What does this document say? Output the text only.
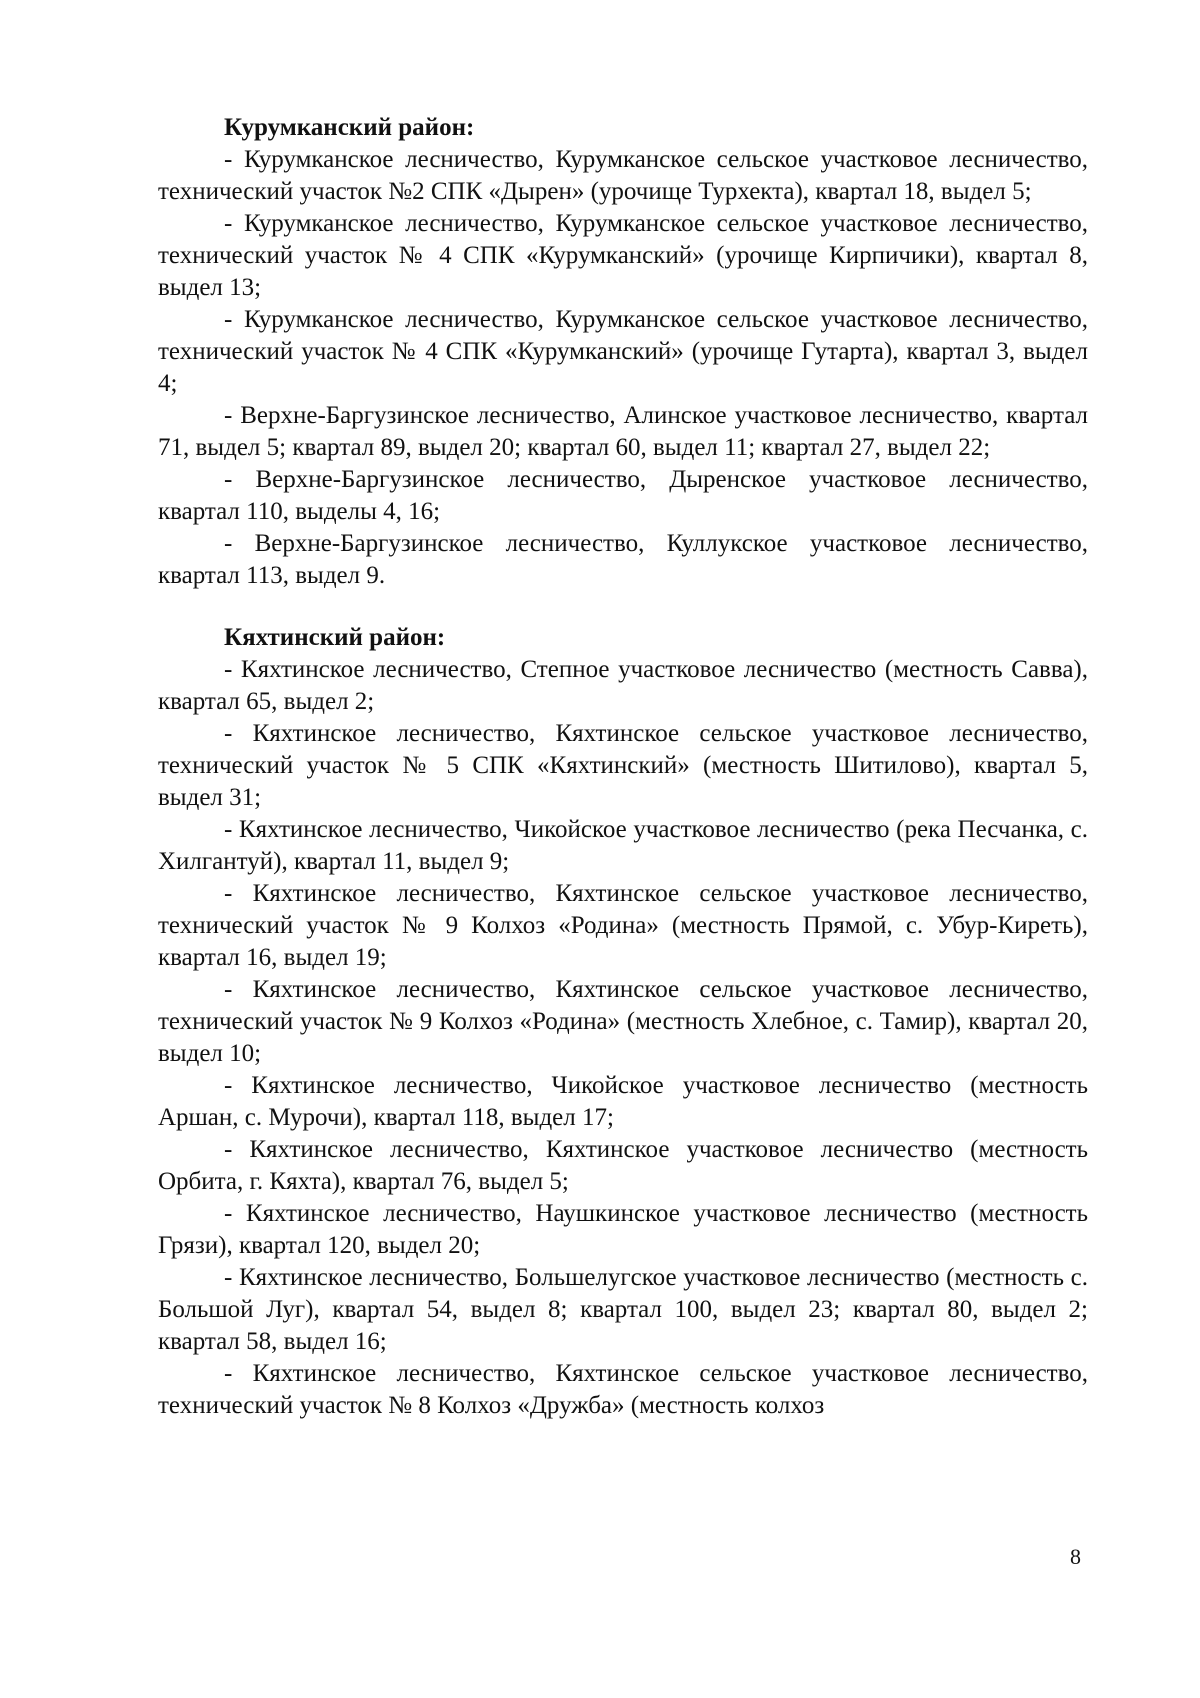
Курумканский район:

- Курумканское лесничество, Курумканское сельское участковое лесничество, технический участок №2 СПК «Дырен» (урочище Турхекта), квартал 18, выдел 5;

- Курумканское лесничество, Курумканское сельское участковое лесничество, технический участок № 4 СПК «Курумканский» (урочище Кирпичики), квартал 8, выдел 13;

- Курумканское лесничество, Курумканское сельское участковое лесничество, технический участок № 4 СПК «Курумканский» (урочище Гутарта), квартал 3, выдел 4;

- Верхне-Баргузинское лесничество, Алинское участковое лесничество, квартал 71, выдел 5; квартал 89, выдел 20; квартал 60, выдел 11; квартал 27, выдел 22;

- Верхне-Баргузинское лесничество, Дыренское участковое лесничество, квартал 110, выделы 4, 16;

- Верхне-Баргузинское лесничество, Куллукское участковое лесничество, квартал 113, выдел 9.

Кяхтинский район:

- Кяхтинское лесничество, Степное участковое лесничество (местность Савва), квартал 65, выдел 2;

- Кяхтинское лесничество, Кяхтинское сельское участковое лесничество, технический участок № 5 СПК «Кяхтинский» (местность Шитилово), квартал 5, выдел 31;

- Кяхтинское лесничество, Чикойское участковое лесничество (река Песчанка, с. Хилгантуй), квартал 11, выдел 9;

- Кяхтинское лесничество, Кяхтинское сельское участковое лесничество, технический участок № 9 Колхоз «Родина» (местность Прямой, с. Убур-Киреть), квартал 16, выдел 19;

- Кяхтинское лесничество, Кяхтинское сельское участковое лесничество, технический участок № 9 Колхоз «Родина» (местность Хлебное, с. Тамир), квартал 20, выдел 10;

- Кяхтинское лесничество, Чикойское участковое лесничество (местность Аршан, с. Мурочи), квартал 118, выдел 17;

- Кяхтинское лесничество, Кяхтинское участковое лесничество (местность Орбита, г. Кяхта), квартал 76, выдел 5;

- Кяхтинское лесничество, Наушкинское участковое лесничество (местность Грязи), квартал 120, выдел 20;

- Кяхтинское лесничество, Большелугское участковое лесничество (местность с. Большой Луг), квартал 54, выдел 8; квартал 100, выдел 23; квартал 80, выдел 2; квартал 58, выдел 16;

- Кяхтинское лесничество, Кяхтинское сельское участковое лесничество, технический участок № 8 Колхоз «Дружба» (местность колхоз

8
